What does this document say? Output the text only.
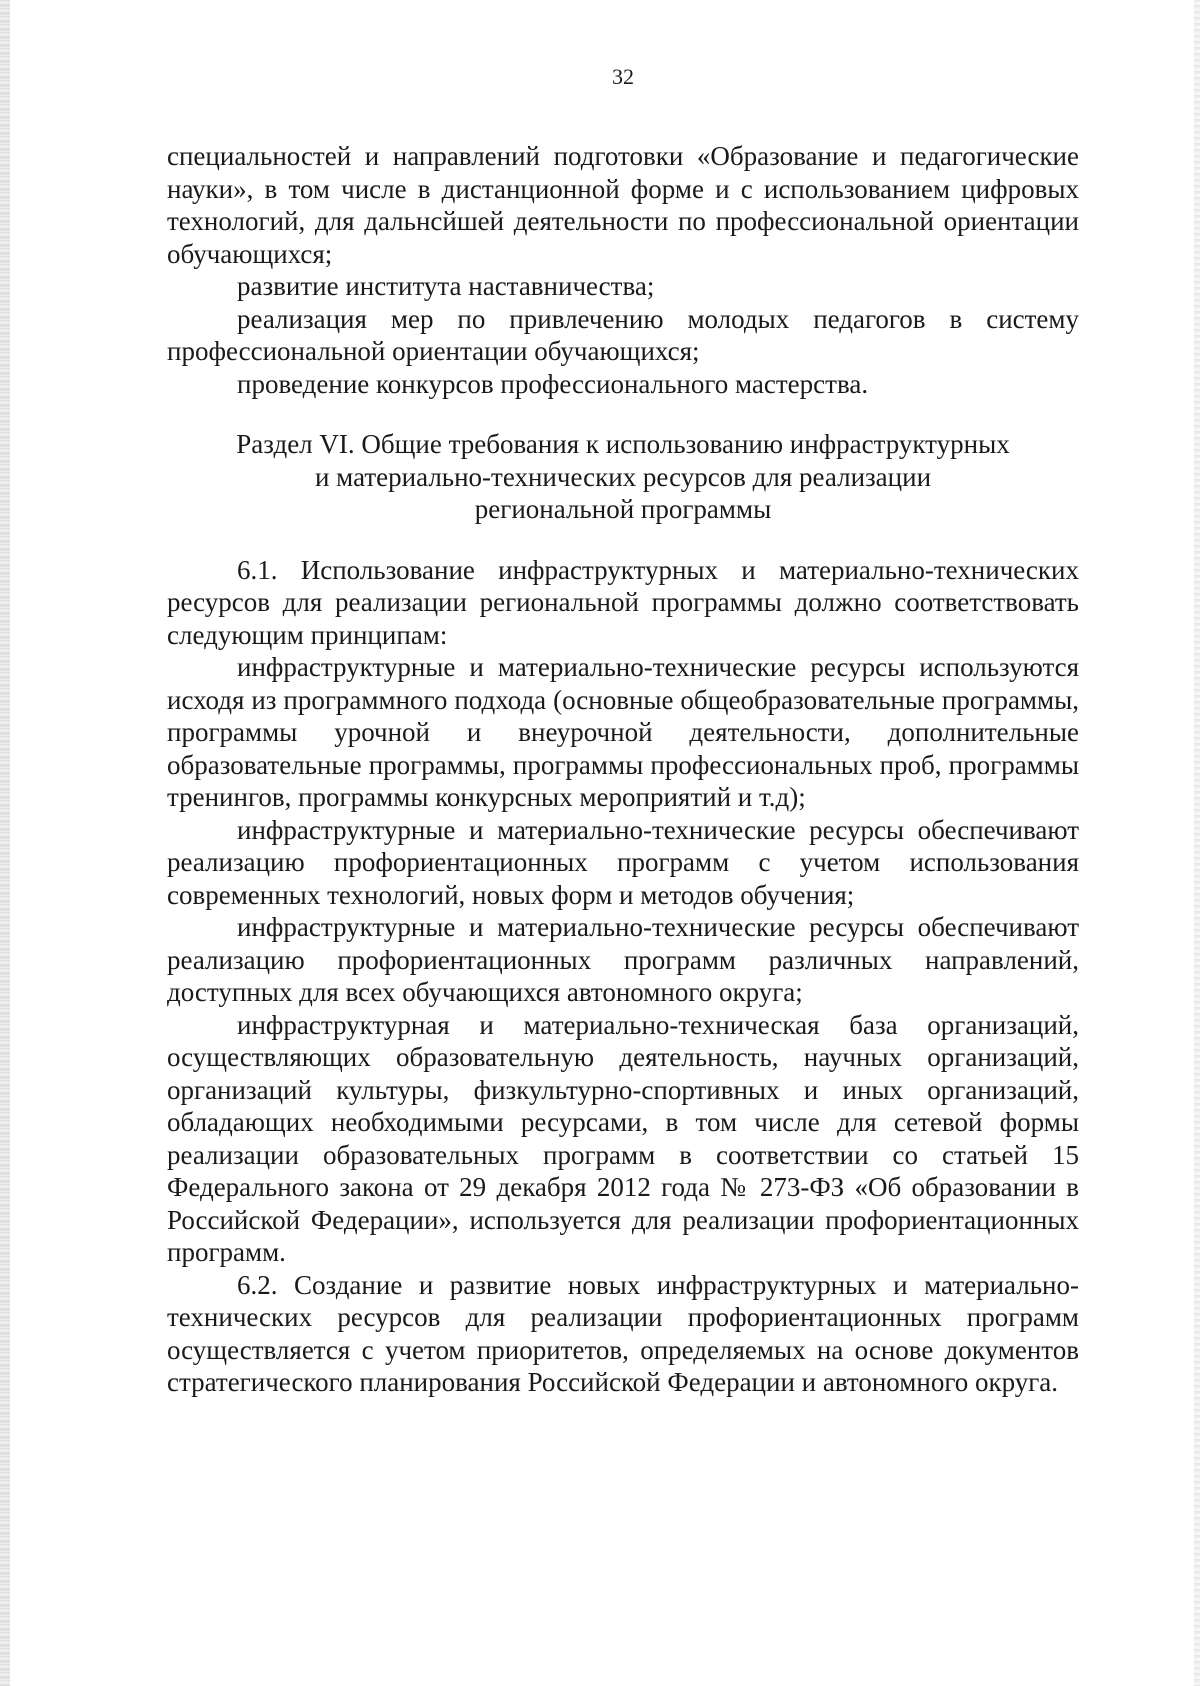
32

специальностей и направлений подготовки «Образование и педагогические науки», в том числе в дистанционной форме и с использованием цифровых технологий, для дальнсйшей деятельности по профессиональной ориентации обучающихся;

развитие института наставничества;

реализация мер по привлечению молодых педагогов в систему профессиональной ориентации обучающихся;

проведение конкурсов профессионального мастерства.

Раздел VI. Общие требования к использованию инфраструктурных
и материально-технических ресурсов для реализации
региональной программы

6.1. Использование инфраструктурных и материально-технических ресурсов для реализации региональной программы должно соответствовать следующим принципам:

инфраструктурные и материально-технические ресурсы используются исходя из программного подхода (основные общеобразовательные программы, программы урочной и внеурочной деятельности, дополнительные образовательные программы, программы профессиональных проб, программы тренингов, программы конкурсных мероприятий и т.д);

инфраструктурные и материально-технические ресурсы обеспечивают реализацию профориентационных программ с учетом использования современных технологий, новых форм и методов обучения;

инфраструктурные и материально-технические ресурсы обеспечивают реализацию профориентационных программ различных направлений, доступных для всех обучающихся автономного округа;

инфраструктурная и материально-техническая база организаций, осуществляющих образовательную деятельность, научных организаций, организаций культуры, физкультурно-спортивных и иных организаций, обладающих необходимыми ресурсами, в том числе для сетевой формы реализации образовательных программ в соответствии со статьей 15 Федерального закона от 29 декабря 2012 года № 273-ФЗ «Об образовании в Российской Федерации», используется для реализации профориентационных программ.

6.2. Создание и развитие новых инфраструктурных и материально-технических ресурсов для реализации профориентационных программ осуществляется с учетом приоритетов, определяемых на основе документов стратегического планирования Российской Федерации и автономного округа.
